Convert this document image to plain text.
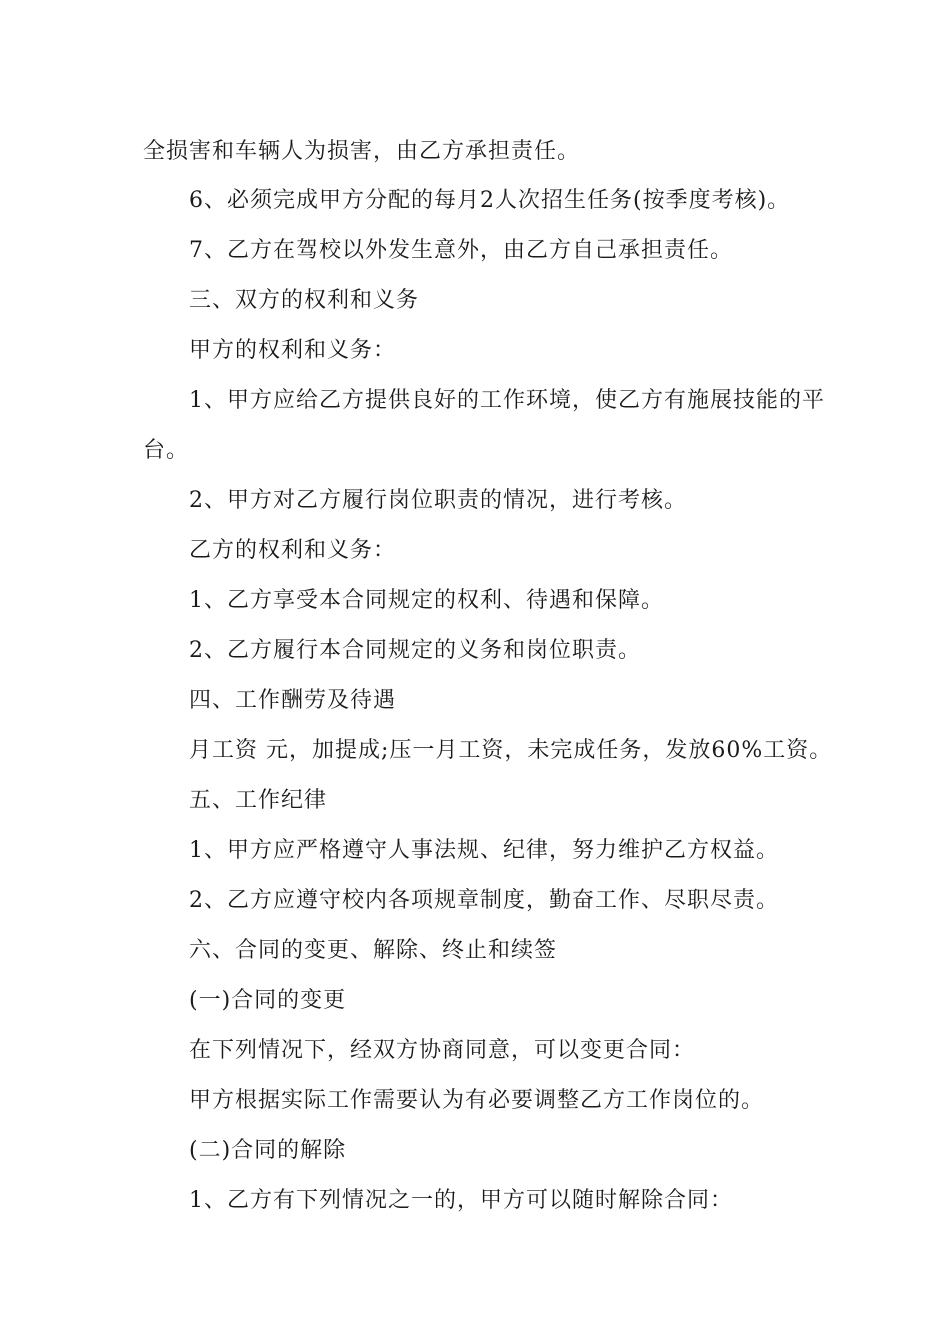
全损害和车辆人为损害，由乙方承担责任。
6、必须完成甲方分配的每月2人次招生任务(按季度考核)。
7、乙方在驾校以外发生意外，由乙方自己承担责任。
三、双方的权利和义务
甲方的权利和义务：
1、甲方应给乙方提供良好的工作环境，使乙方有施展技能的平
台。
2、甲方对乙方履行岗位职责的情况，进行考核。
乙方的权利和义务：
1、乙方享受本合同规定的权利、待遇和保障。
2、乙方履行本合同规定的义务和岗位职责。
四、工作酬劳及待遇
月工资 元，加提成;压一月工资，未完成任务，发放60%工资。
五、工作纪律
1、甲方应严格遵守人事法规、纪律，努力维护乙方权益。
2、乙方应遵守校内各项规章制度，勤奋工作、尽职尽责。
六、合同的变更、解除、终止和续签
(一)合同的变更
在下列情况下，经双方协商同意，可以变更合同：
甲方根据实际工作需要认为有必要调整乙方工作岗位的。
(二)合同的解除
1、乙方有下列情况之一的，甲方可以随时解除合同：
